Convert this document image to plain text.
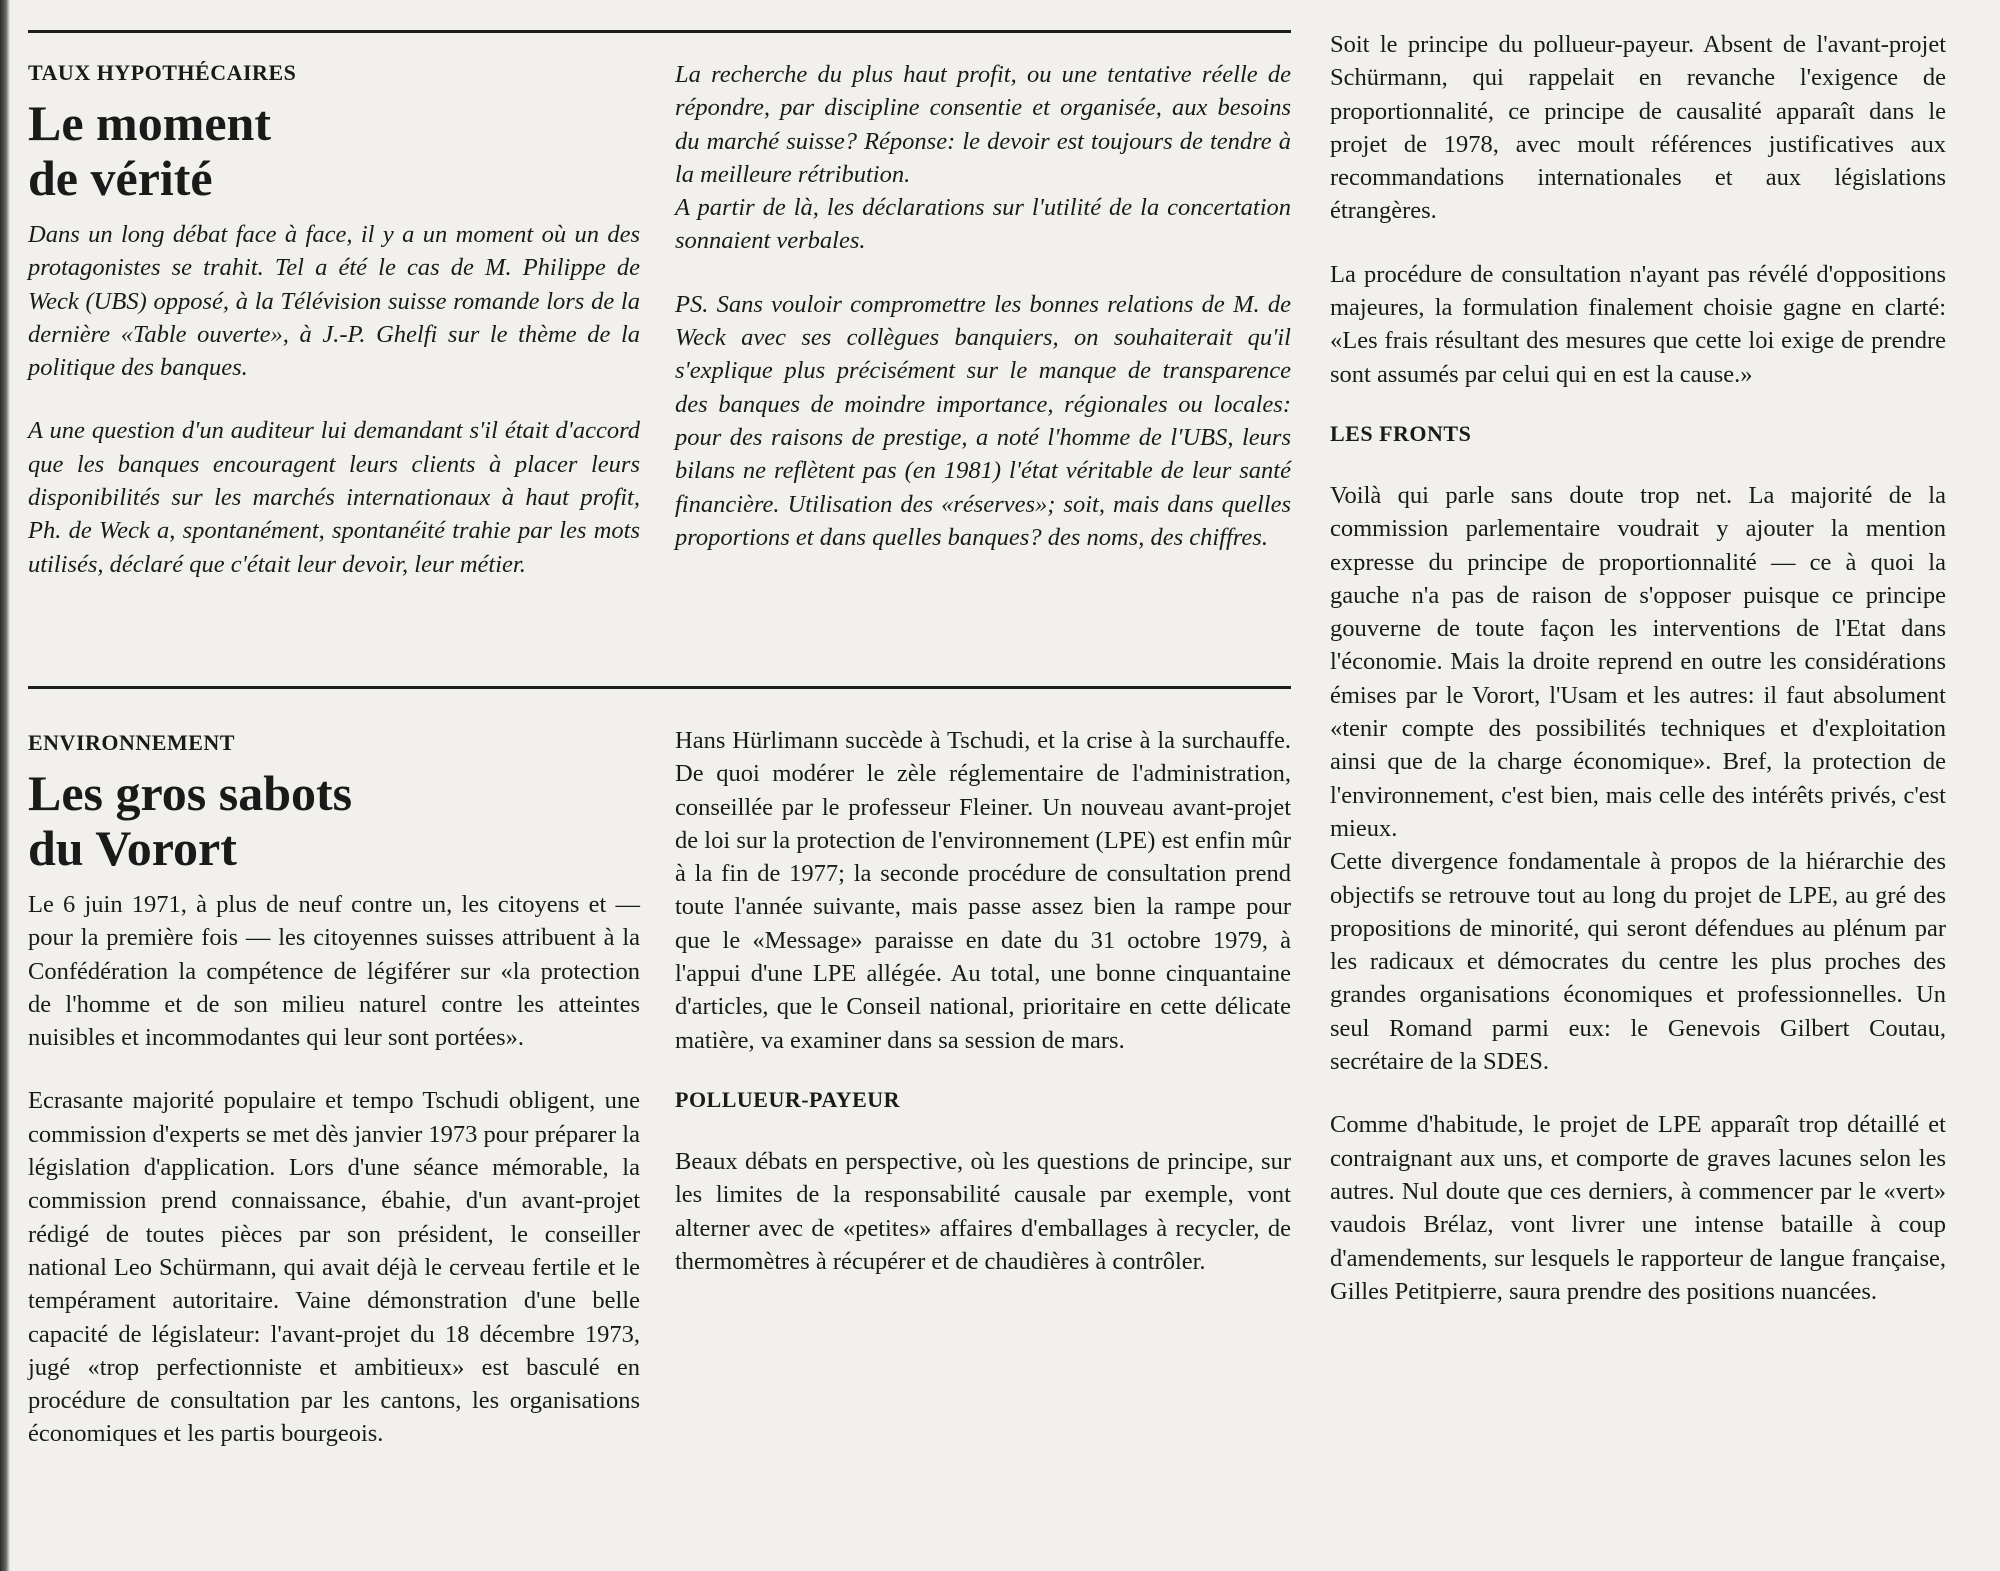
TAUX HYPOTHÉCAIRES
Le moment
de vérité

Dans un long débat face à face, il y a un moment où un des protagonistes se trahit. Tel a été le cas de M. Philippe de Weck (UBS) opposé, à la Télévision suisse romande lors de la dernière «Table ouverte», à J.-P. Ghelfi sur le thème de la politique des banques.

A une question d'un auditeur lui demandant s'il était d'accord que les banques encouragent leurs clients à placer leurs disponibilités sur les marchés internationaux à haut profit, Ph. de Weck a, spontanément, spontanéité trahie par les mots utilisés, déclaré que c'était leur devoir, leur métier.

La recherche du plus haut profit, ou une tentative réelle de répondre, par discipline consentie et organisée, aux besoins du marché suisse? Réponse: le devoir est toujours de tendre à la meilleure rétribution.

A partir de là, les déclarations sur l'utilité de la concertation sonnaient verbales.

PS. Sans vouloir compromettre les bonnes relations de M. de Weck avec ses collègues banquiers, on souhaiterait qu'il s'explique plus précisément sur le manque de transparence des banques de moindre importance, régionales ou locales: pour des raisons de prestige, a noté l'homme de l'UBS, leurs bilans ne reflètent pas (en 1981) l'état véritable de leur santé financière. Utilisation des «réserves»; soit, mais dans quelles proportions et dans quelles banques? des noms, des chiffres.

ENVIRONNEMENT
Les gros sabots
du Vorort

Le 6 juin 1971, à plus de neuf contre un, les citoyens et — pour la première fois — les citoyennes suisses attribuent à la Confédération la compétence de légiférer sur «la protection de l'homme et de son milieu naturel contre les atteintes nuisibles et incommodantes qui leur sont portées».

Ecrasante majorité populaire et tempo Tschudi obligent, une commission d'experts se met dès janvier 1973 pour préparer la législation d'application. Lors d'une séance mémorable, la commission prend connaissance, ébahie, d'un avant-projet rédigé de toutes pièces par son président, le conseiller national Leo Schürmann, qui avait déjà le cerveau fertile et le tempérament autoritaire. Vaine démonstration d'une belle capacité de législateur: l'avant-projet du 18 décembre 1973, jugé «trop perfectionniste et ambitieux» est basculé en procédure de consultation par les cantons, les organisations économiques et les partis bourgeois.

Hans Hürlimann succède à Tschudi, et la crise à la surchauffe. De quoi modérer le zèle réglementaire de l'administration, conseillée par le professeur Fleiner. Un nouveau avant-projet de loi sur la protection de l'environnement (LPE) est enfin mûr à la fin de 1977; la seconde procédure de consultation prend toute l'année suivante, mais passe assez bien la rampe pour que le «Message» paraisse en date du 31 octobre 1979, à l'appui d'une LPE allégée. Au total, une bonne cinquantaine d'articles, que le Conseil national, prioritaire en cette délicate matière, va examiner dans sa session de mars.

POLLUEUR-PAYEUR

Beaux débats en perspective, où les questions de principe, sur les limites de la responsabilité causale par exemple, vont alterner avec de «petites» affaires d'emballages à recycler, de thermomètres à récupérer et de chaudières à contrôler.

Soit le principe du pollueur-payeur. Absent de l'avant-projet Schürmann, qui rappelait en revanche l'exigence de proportionnalité, ce principe de causalité apparaît dans le projet de 1978, avec moult références justificatives aux recommandations internationales et aux législations étrangères.

La procédure de consultation n'ayant pas révélé d'oppositions majeures, la formulation finalement choisie gagne en clarté: «Les frais résultant des mesures que cette loi exige de prendre sont assumés par celui qui en est la cause.»

LES FRONTS

Voilà qui parle sans doute trop net. La majorité de la commission parlementaire voudrait y ajouter la mention expresse du principe de proportionnalité — ce à quoi la gauche n'a pas de raison de s'opposer puisque ce principe gouverne de toute façon les interventions de l'Etat dans l'économie. Mais la droite reprend en outre les considérations émises par le Vorort, l'Usam et les autres: il faut absolument «tenir compte des possibilités techniques et d'exploitation ainsi que de la charge économique». Bref, la protection de l'environnement, c'est bien, mais celle des intérêts privés, c'est mieux.

Cette divergence fondamentale à propos de la hiérarchie des objectifs se retrouve tout au long du projet de LPE, au gré des propositions de minorité, qui seront défendues au plénum par les radicaux et démocrates du centre les plus proches des grandes organisations économiques et professionnelles. Un seul Romand parmi eux: le Genevois Gilbert Coutau, secrétaire de la SDES.

Comme d'habitude, le projet de LPE apparaît trop détaillé et contraignant aux uns, et comporte de graves lacunes selon les autres. Nul doute que ces derniers, à commencer par le «vert» vaudois Brélaz, vont livrer une intense bataille à coup d'amendements, sur lesquels le rapporteur de langue française, Gilles Petitpierre, saura prendre des positions nuancées.
